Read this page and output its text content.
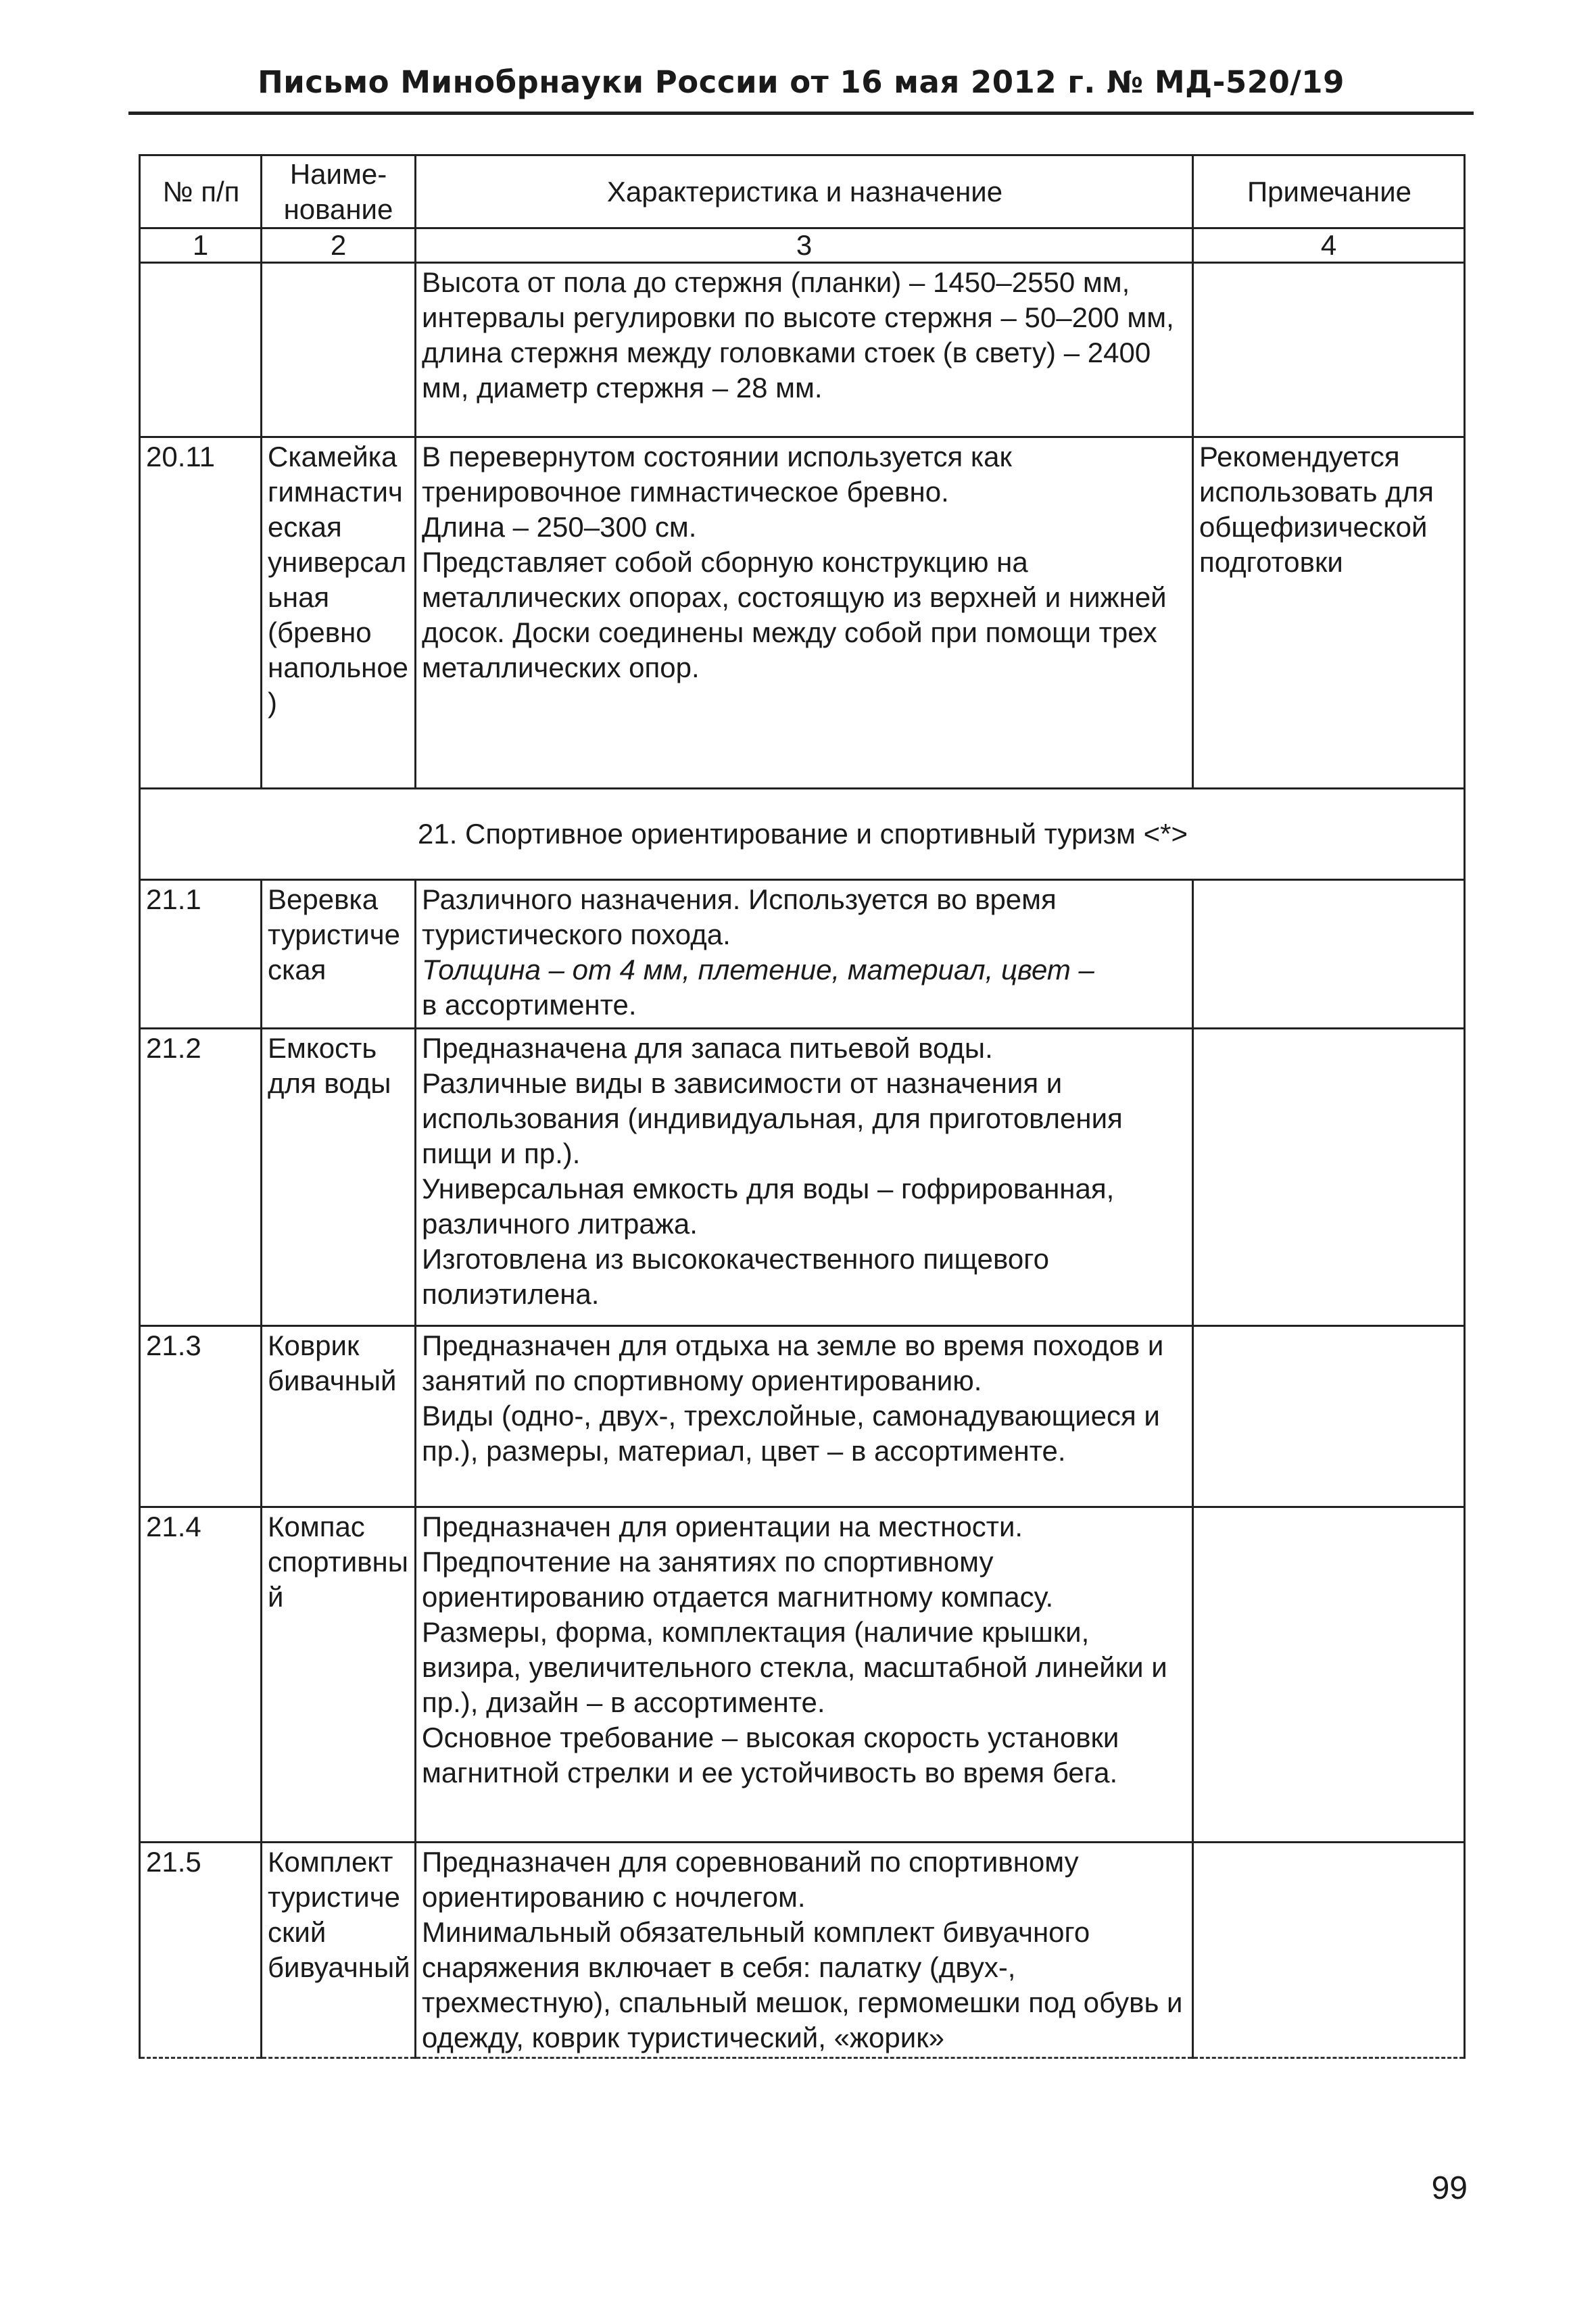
Письмо Минобрнауки России от 16 мая 2012 г. № МД-520/19
№ п/п	Наиме-нование	Характеристика и назначение	Примечание
1	2	3	4
		Высота от пола до стержня (планки) – 1450–2550 мм, интервалы регулировки по высоте стержня – 50–200 мм, длина стержня между головками стоек (в свету) – 2400 мм, диаметр стержня – 28 мм.	
20.11	Скамейка гимнастическая универсальная (бревно напольное)	В перевернутом состоянии используется как тренировочное гимнастическое бревно.
Длина – 250–300 см.
Представляет собой сборную конструкцию на металлических опорах, состоящую из верхней и нижней досок. Доски соединены между собой при помощи трех металлических опор.	Рекомендуется использовать для общефизической подготовки
21. Спортивное ориентирование и спортивный туризм <*>			
21.1	Веревка туристическая	Различного назначения. Используется во время туристического похода.
Толщина – от 4 мм, плетение, материал, цвет –
в ассортименте.	

21.2	Емкость для воды	Предназначена для запаса питьевой воды.
Различные виды в зависимости от назначения и использования (индивидуальная, для приготовления пищи и пр.).
Универсальная емкость для воды – гофрированная, различного литража.
Изготовлена из высококачественного пищевого полиэтилена.	

21.3	Коврик бивачный	Предназначен для отдыха на земле во время походов и занятий по спортивному ориентированию.
Виды (одно-, двух-, трехслойные, самонадувающиеся и пр.), размеры, материал, цвет – в ассортименте.	

21.4	Компас спортивный	Предназначен для ориентации на местности.
Предпочтение на занятиях по спортивному ориентированию отдается магнитному компасу.
Размеры, форма, комплектация (наличие крышки, визира, увеличительного стекла, масштабной линейки и пр.), дизайн – в ассортименте.
Основное требование – высокая скорость установки магнитной стрелки и ее устойчивость во время бега.	

21.5	Комплект туристический бивуачный	Предназначен для соревнований по спортивному ориентированию с ночлегом.
Минимальный обязательный комплект бивуачного снаряжения включает в себя: палатку (двух-, трехместную), спальный мешок, гермомешки под обувь и одежду, коврик туристический, «жорик»	

99
